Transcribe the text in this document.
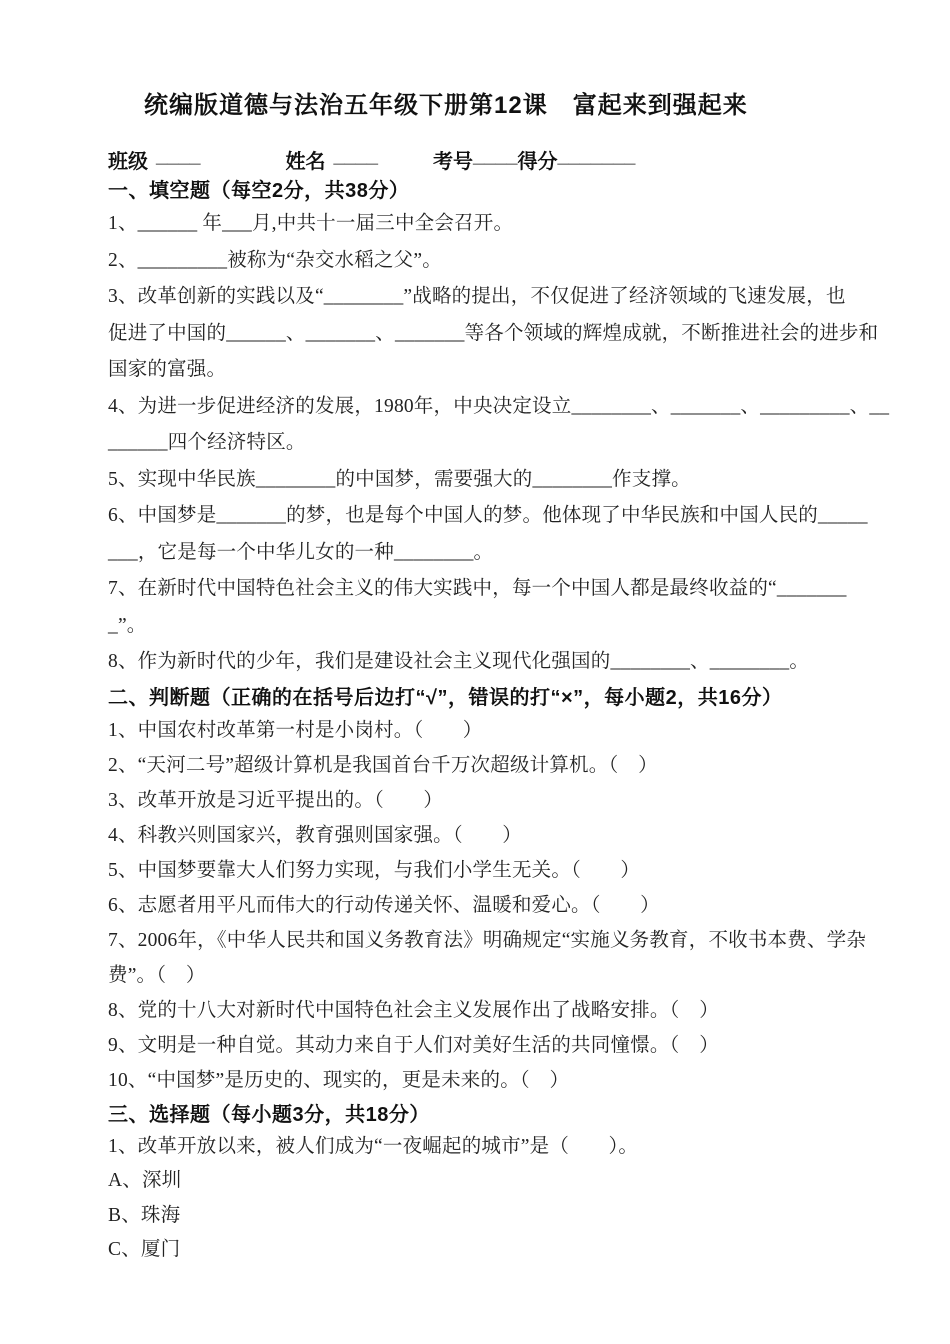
统编版道德与法治五年级下册第12课　富起来到强起来
班级 ____	姓名 ____	考号 ____ 得分 _______
一、填空题（每空2分，共38分）
1、______ 年___月,中共十一届三中全会召开。
2、_________被称为“杂交水稻之父”。
3、改革创新的实践以及“________”战略的提出，不仅促进了经济领域的飞速发展，也
促进了中国的______、_______、_______等各个领域的辉煌成就，不断推进社会的进步和
国家的富强。
4、为进一步促进经济的发展，1980年，中央决定设立________、_______、_________、__
______四个经济特区。
5、实现中华民族________的中国梦，需要强大的________作支撑。
6、中国梦是_______的梦，也是每个中国人的梦。他体现了中华民族和中国人民的_____
___，它是每一个中华儿女的一种________。
7、在新时代中国特色社会主义的伟大实践中，每一个中国人都是最终收益的“_______
_”。
8、作为新时代的少年，我们是建设社会主义现代化强国的________、________。
二、判断题（正确的在括号后边打“√”，错误的打“×”，每小题2，共16分）
1、中国农村改革第一村是小岗村。（　　）
2、“天河二号”超级计算机是我国首台千万次超级计算机。（　）
3、改革开放是习近平提出的。（　　）
4、科教兴则国家兴，教育强则国家强。（　　）
5、中国梦要靠大人们努力实现，与我们小学生无关。（　　）
6、志愿者用平凡而伟大的行动传递关怀、温暖和爱心。（　　）
7、2006年，《中华人民共和国义务教育法》明确规定“实施义务教育，不收书本费、学杂
费”。（　）
8、党的十八大对新时代中国特色社会主义发展作出了战略安排。（　）
9、文明是一种自觉。其动力来自于人们对美好生活的共同憧憬。（　）
10、“中国梦”是历史的、现实的，更是未来的。（　）
三、选择题（每小题3分，共18分）
1、改革开放以来，被人们成为“一夜崛起的城市”是（　　）。
A、深圳
B、珠海
C、厦门
